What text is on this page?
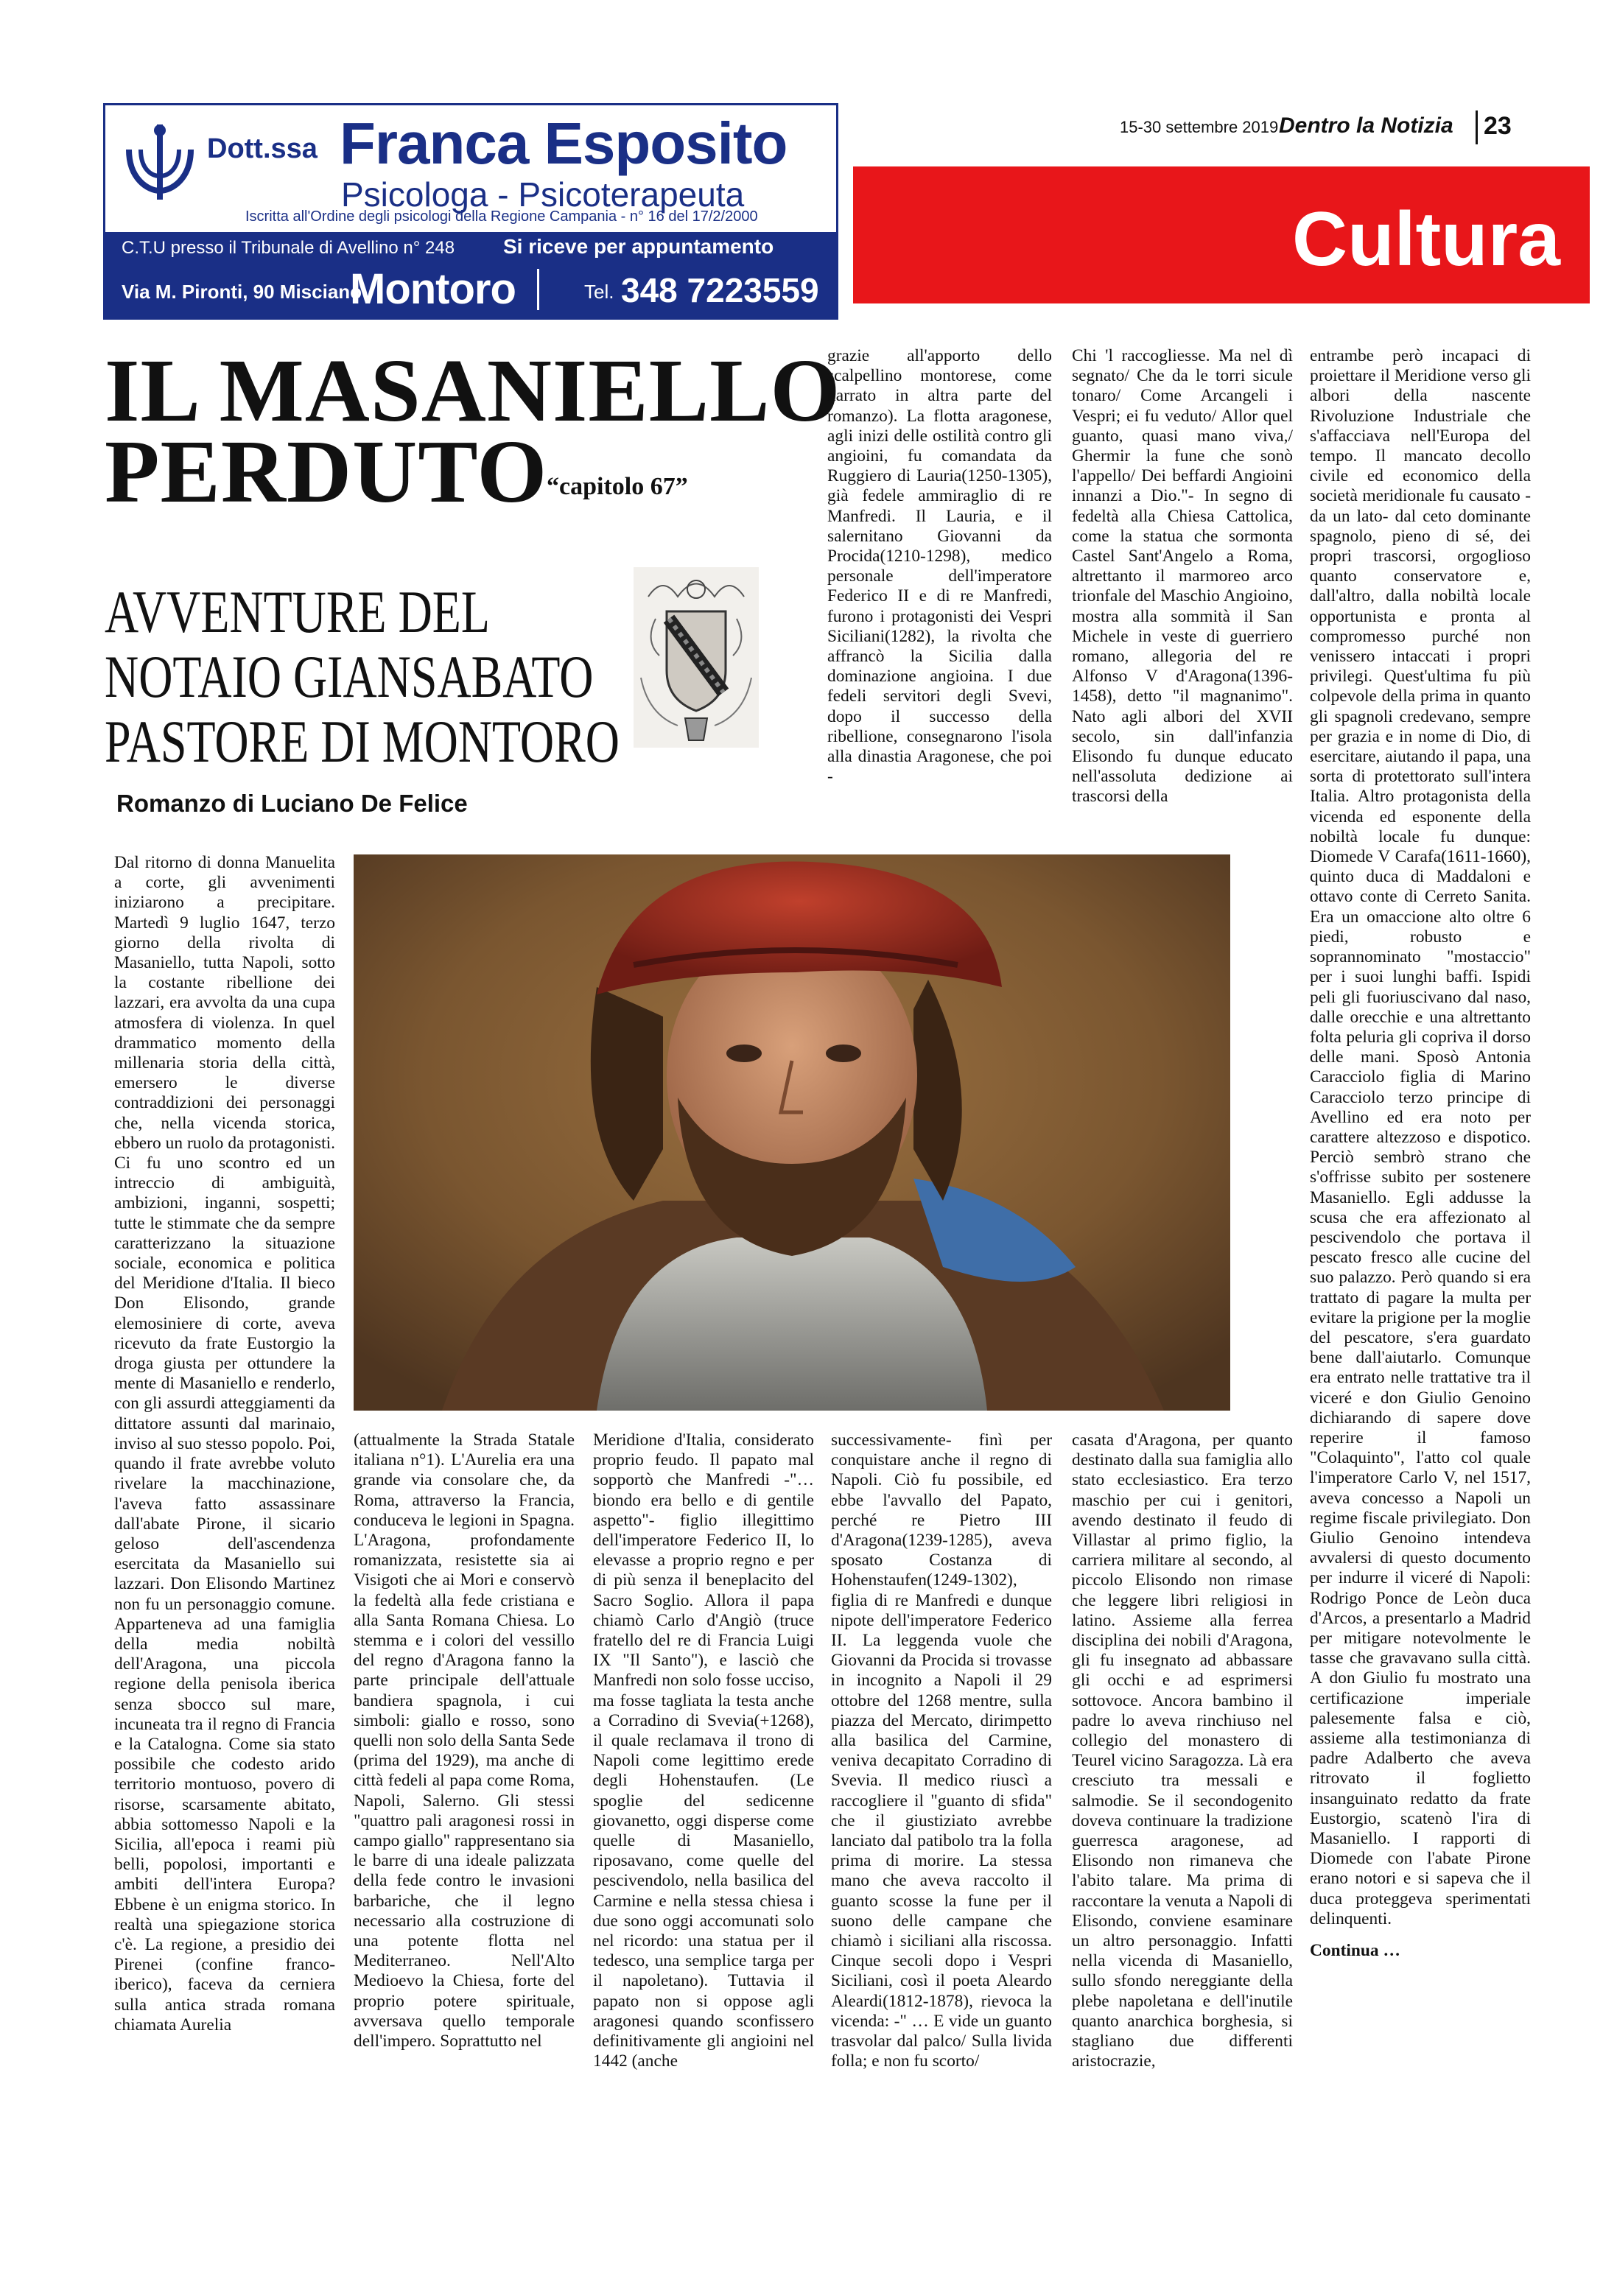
Dott.ssa Franca Esposito
Psicologa - Psicoterapeuta
Iscritta all'Ordine degli psicologi della Regione Campania - n° 16 del 17/2/2000
C.T.U presso il Tribunale di Avellino n° 248 Si riceve per appuntamento
Via M. Pironti, 90 Misciano
Montoro	Tel. 348 7223559
15-30 settembre 2019 Dentro la Notizia 23
Cultura
IL MASANIELLO
PERDUTO
“capitolo 67”
AVVENTURE DEL
NOTAIO GIANSABATO
PASTORE DI MONTORO
Romanzo di Luciano De Felice

Dal ritorno di donna Manuelita a corte, gli avvenimenti iniziarono a precipitare. Martedì 9 luglio 1647, terzo giorno della rivolta di Masaniello, tutta Napoli, sotto la costante ribellione dei lazzari, era avvolta da una cupa atmosfera di violenza. In quel drammatico momento della millenaria storia della città, emersero le diverse contraddizioni dei personaggi che, nella vicenda storica, ebbero un ruolo da protagonisti. Ci fu uno scontro ed un intreccio di ambiguità, ambizioni, inganni, sospetti; tutte le stimmate che da sempre caratterizzano la situazione sociale, economica e politica del Meridione d'Italia. Il bieco Don Elisondo, grande elemosiniere di corte, aveva ricevuto da frate Eustorgio la droga giusta per ottundere la mente di Masaniello e renderlo, con gli assurdi atteggiamenti da dittatore assunti dal marinaio, inviso al suo stesso popolo. Poi, quando il frate avrebbe voluto rivelare la macchinazione, l'aveva fatto assassinare dall'abate Pirone, il sicario geloso dell'ascendenza esercitata da Masaniello sui lazzari. Don Elisondo Martinez non fu un personaggio comune. Apparteneva ad una famiglia della media nobiltà dell'Aragona, una piccola regione della penisola iberica senza sbocco sul mare, incuneata tra il regno di Francia e la Catalogna. Come sia stato possibile che codesto arido territorio montuoso, povero di risorse, scarsamente abitato, abbia sottomesso Napoli e la Sicilia, all'epoca i reami più belli, popolosi, importanti e ambiti dell'intera Europa? Ebbene è un enigma storico. In realtà una spiegazione storica c'è. La regione, a presidio dei Pirenei (confine franco-iberico), faceva da cerniera sulla antica strada romana chiamata Aurelia

grazie all'apporto dello scalpellino montorese, come narrato in altra parte del romanzo). La flotta aragonese, agli inizi delle ostilità contro gli angioini, fu comandata da Ruggiero di Lauria(1250-1305), già fedele ammiraglio di re Manfredi. Il Lauria, e il salernitano Giovanni da Procida(1210-1298), medico personale dell'imperatore Federico II e di re Manfredi, furono i protagonisti dei Vespri Siciliani(1282), la rivolta che affrancò la Sicilia dalla dominazione angioina. I due fedeli servitori degli Svevi, dopo il successo della ribellione, consegnarono l'isola alla dinastia Aragonese, che poi -

Chi 'l raccogliesse. Ma nel dì segnato/ Che da le torri sicule tonaro/ Come Arcangeli i Vespri; ei fu veduto/ Allor quel guanto, quasi mano viva,/ Ghermir la fune che sonò l'appello/ Dei beffardi Angioini innanzi a Dio."- In segno di fedeltà alla Chiesa Cattolica, come la statua che sormonta Castel Sant'Angelo a Roma, altrettanto il marmoreo arco trionfale del Maschio Angioino, mostra alla sommità il San Michele in veste di guerriero romano, allegoria del re Alfonso V d'Aragona(1396-1458), detto "il magnanimo". Nato agli albori del XVII secolo, sin dall'infanzia Elisondo fu dunque educato nell'assoluta dedizione ai trascorsi della

entrambe però incapaci di proiettare il Meridione verso gli albori della nascente Rivoluzione Industriale che s'affacciava nell'Europa del tempo. Il mancato decollo civile ed economico della società meridionale fu causato -da un lato- dal ceto dominante spagnolo, pieno di sé, dei propri trascorsi, orgoglioso quanto conservatore e, dall'altro, dalla nobiltà locale opportunista e pronta al compromesso purché non venissero intaccati i propri privilegi. Quest'ultima fu più colpevole della prima in quanto gli spagnoli credevano, sempre per grazia e in nome di Dio, di esercitare, aiutando il papa, una sorta di protettorato sull'intera Italia. Altro protagonista della vicenda ed esponente della nobiltà locale fu dunque: Diomede V Carafa(1611-1660), quinto duca di Maddaloni e ottavo conte di Cerreto Sanita. Era un omaccione alto oltre 6 piedi, robusto e soprannominato "mostaccio" per i suoi lunghi baffi. Ispidi peli gli fuoriuscivano dal naso, dalle orecchie e una altrettanto folta peluria gli copriva il dorso delle mani. Sposò Antonia Caracciolo figlia di Marino Caracciolo terzo principe di Avellino ed era noto per carattere altezzoso e dispotico. Perciò sembrò strano che s'offrisse subito per sostenere Masaniello. Egli addusse la scusa che era affezionato al pescivendolo che portava il pescato fresco alle cucine del suo palazzo. Però quando si era trattato di pagare la multa per evitare la prigione per la moglie del pescatore, s'era guardato bene dall'aiutarlo. Comunque era entrato nelle trattative tra il viceré e don Giulio Genoino dichiarando di sapere dove reperire il famoso "Colaquinto", l'atto col quale l'imperatore Carlo V, nel 1517, aveva concesso a Napoli un regime fiscale privilegiato. Don Giulio Genoino intendeva avvalersi di questo documento per indurre il viceré di Napoli: Rodrigo Ponce de Leòn duca d'Arcos, a presentarlo a Madrid per mitigare notevolmente le tasse che gravavano sulla città. A don Giulio fu mostrato una certificazione imperiale palesemente falsa e ciò, assieme alla testimonianza di padre Adalberto che aveva ritrovato il foglietto insanguinato redatto da frate Eustorgio, scatenò l'ira di Masaniello. I rapporti di Diomede con l'abate Pirone erano notori e si sapeva che il duca proteggeva sperimentati delinquenti.

Continua …

(attualmente la Strada Statale italiana n°1). L'Aurelia era una grande via consolare che, da Roma, attraverso la Francia, conduceva le legioni in Spagna. L'Aragona, profondamente romanizzata, resistette sia ai Visigoti che ai Mori e conservò la fedeltà alla fede cristiana e alla Santa Romana Chiesa. Lo stemma e i colori del vessillo del regno d'Aragona fanno la parte principale dell'attuale bandiera spagnola, i cui simboli: giallo e rosso, sono quelli non solo della Santa Sede (prima del 1929), ma anche di città fedeli al papa come Roma, Napoli, Salerno. Gli stessi "quattro pali aragonesi rossi in campo giallo" rappresentano sia le barre di una ideale palizzata della fede contro le invasioni barbariche, che il legno necessario alla costruzione di una potente flotta nel Mediterraneo. Nell'Alto Medioevo la Chiesa, forte del proprio potere spirituale, avversava quello temporale dell'impero. Soprattutto nel

Meridione d'Italia, considerato proprio feudo. Il papato mal sopportò che Manfredi -"… biondo era bello e di gentile aspetto"- figlio illegittimo dell'imperatore Federico II, lo elevasse a proprio regno e per di più senza il beneplacito del Sacro Soglio. Allora il papa chiamò Carlo d'Angiò (truce fratello del re di Francia Luigi IX "Il Santo"), e lasciò che Manfredi non solo fosse ucciso, ma fosse tagliata la testa anche a Corradino di Svevia(+1268), il quale reclamava il trono di Napoli come legittimo erede degli Hohenstaufen. (Le spoglie del sedicenne giovanetto, oggi disperse come quelle di Masaniello, riposavano, come quelle del pescivendolo, nella basilica del Carmine e nella stessa chiesa i due sono oggi accomunati solo nel ricordo: una statua per il tedesco, una semplice targa per il napoletano). Tuttavia il papato non si oppose agli aragonesi quando sconfissero definitivamente gli angioini nel 1442 (anche

successivamente- finì per conquistare anche il regno di Napoli. Ciò fu possibile, ed ebbe l'avvallo del Papato, perché re Pietro III d'Aragona(1239-1285), aveva sposato Costanza di Hohenstaufen(1249-1302), figlia di re Manfredi e dunque nipote dell'imperatore Federico II. La leggenda vuole che Giovanni da Procida si trovasse in incognito a Napoli il 29 ottobre del 1268 mentre, sulla piazza del Mercato, dirimpetto alla basilica del Carmine, veniva decapitato Corradino di Svevia. Il medico riuscì a raccogliere il "guanto di sfida" che il giustiziato avrebbe lanciato dal patibolo tra la folla prima di morire. La stessa mano che aveva raccolto il guanto scosse la fune per il suono delle campane che chiamò i siciliani alla riscossa. Cinque secoli dopo i Vespri Siciliani, così il poeta Aleardo Aleardi(1812-1878), rievoca la vicenda: -" … E vide un guanto trasvolar dal palco/ Sulla livida folla; e non fu scorto/

casata d'Aragona, per quanto destinato dalla sua famiglia allo stato ecclesiastico. Era terzo maschio per cui i genitori, avendo destinato il feudo di Villastar al primo figlio, la carriera militare al secondo, al piccolo Elisondo non rimase che leggere libri religiosi in latino. Assieme alla ferrea disciplina dei nobili d'Aragona, gli fu insegnato ad abbassare gli occhi e ad esprimersi sottovoce. Ancora bambino il padre lo aveva rinchiuso nel collegio del monastero di Teurel vicino Saragozza. Là era cresciuto tra messali e salmodie. Se il secondogenito doveva continuare la tradizione guerresca aragonese, ad Elisondo non rimaneva che l'abito talare. Ma prima di raccontare la venuta a Napoli di Elisondo, conviene esaminare un altro personaggio. Infatti nella vicenda di Masaniello, sullo sfondo nereggiante della plebe napoletana e dell'inutile quanto anarchica borghesia, si stagliano due differenti aristocrazie,
